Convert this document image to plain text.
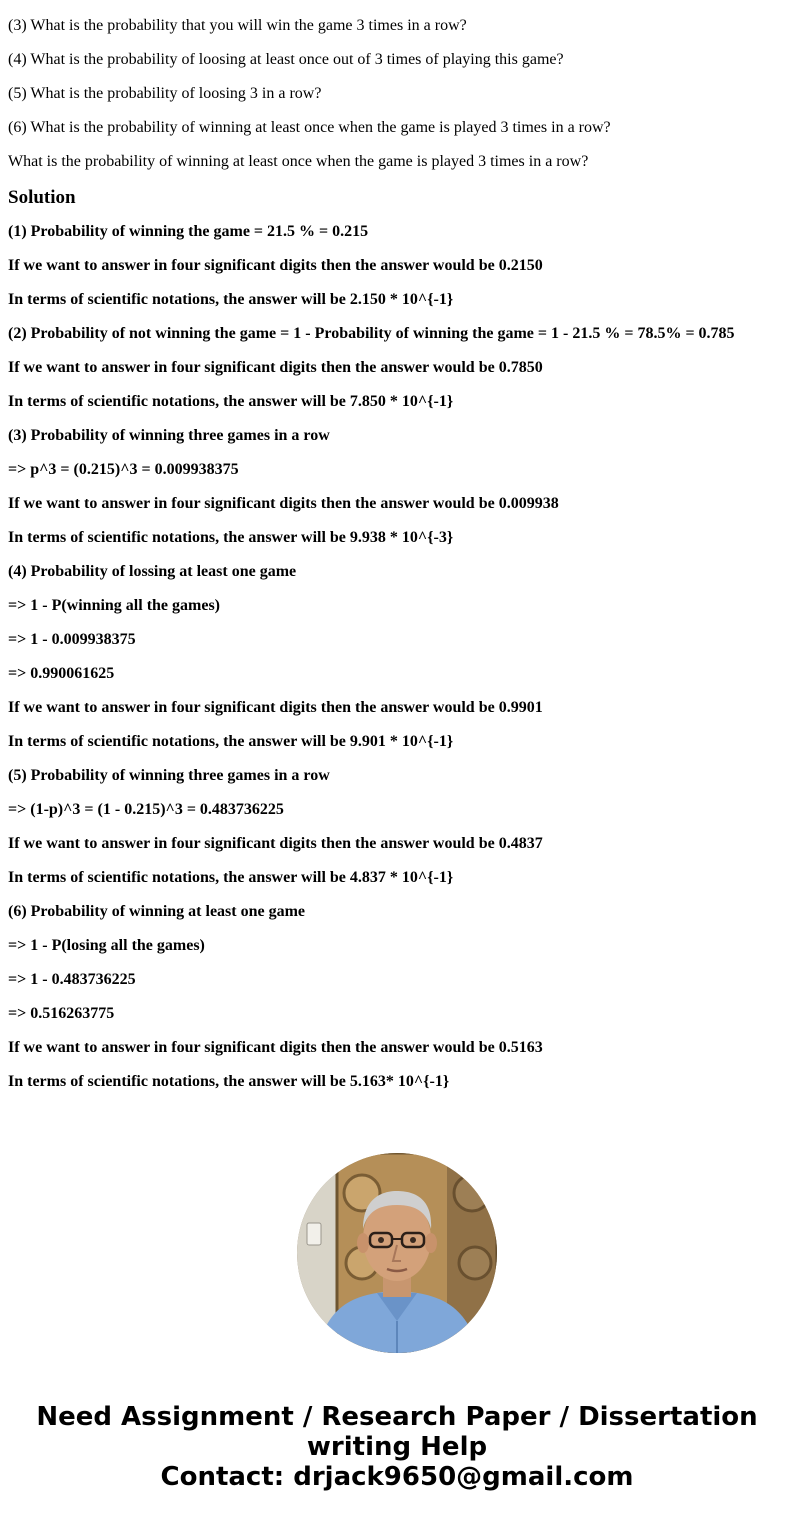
(3) What is the probability that you will win the game 3 times in a row?

(4) What is the probability of loosing at least once out of 3 times of playing this game?

(5) What is the probability of loosing 3 in a row?

(6) What is the probability of winning at least once when the game is played 3 times in a row?

What is the probability of winning at least once when the game is played 3 times in a row?

Solution

(1) Probability of winning the game = 21.5 % = 0.215

If we want to answer in four significant digits then the answer would be 0.2150

In terms of scientific notations, the answer will be 2.150 * 10^{-1}

(2) Probability of not winning the game = 1 - Probability of winning the game = 1 - 21.5 % = 78.5% = 0.785

If we want to answer in four significant digits then the answer would be 0.7850

In terms of scientific notations, the answer will be 7.850 * 10^{-1}

(3) Probability of winning three games in a row

=> p^3 = (0.215)^3 = 0.009938375

If we want to answer in four significant digits then the answer would be 0.009938

In terms of scientific notations, the answer will be 9.938 * 10^{-3}

(4) Probability of lossing at least one game

=> 1 - P(winning all the games)

=> 1 - 0.009938375

=> 0.990061625

If we want to answer in four significant digits then the answer would be 0.9901

In terms of scientific notations, the answer will be 9.901 * 10^{-1}

(5) Probability of winning three games in a row

=> (1-p)^3 = (1 - 0.215)^3 = 0.483736225

If we want to answer in four significant digits then the answer would be 0.4837

In terms of scientific notations, the answer will be 4.837 * 10^{-1}

(6) Probability of winning at least one game

=> 1 - P(losing all the games)

=> 1 - 0.483736225

=> 0.516263775

If we want to answer in four significant digits then the answer would be 0.5163

In terms of scientific notations, the answer will be 5.163* 10^{-1}

Need Assignment / Research Paper / Dissertation
writing Help
Contact: drjack9650@gmail.com
